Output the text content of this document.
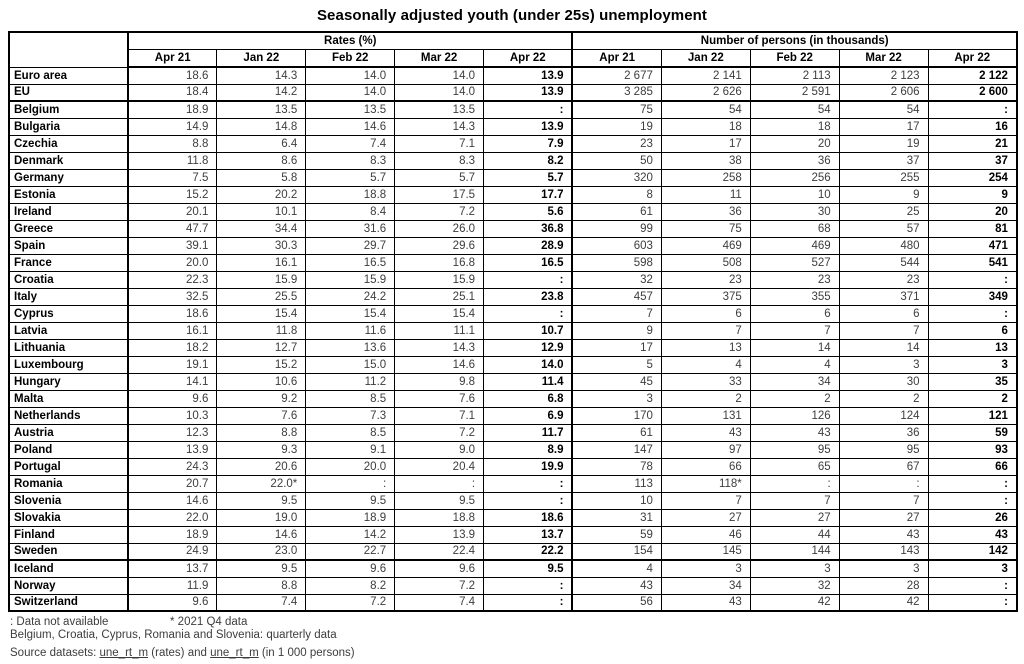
Seasonally adjusted youth (under 25s) unemployment
	Rates (%)					Number of persons (in thousands)				
	Apr 21	Jan 22	Feb 22	Mar 22	Apr 22	Apr 21	Jan 22	Feb 22	Mar 22	Apr 22
Euro area	18.6	14.3	14.0	14.0	13.9	2 677	2 141	2 113	2 123	2 122
EU	18.4	14.2	14.0	14.0	13.9	3 285	2 626	2 591	2 606	2 600
Belgium	18.9	13.5	13.5	13.5	:	75	54	54	54	:
Bulgaria	14.9	14.8	14.6	14.3	13.9	19	18	18	17	16
Czechia	8.8	6.4	7.4	7.1	7.9	23	17	20	19	21
Denmark	11.8	8.6	8.3	8.3	8.2	50	38	36	37	37
Germany	7.5	5.8	5.7	5.7	5.7	320	258	256	255	254
Estonia	15.2	20.2	18.8	17.5	17.7	8	11	10	9	9
Ireland	20.1	10.1	8.4	7.2	5.6	61	36	30	25	20
Greece	47.7	34.4	31.6	26.0	36.8	99	75	68	57	81
Spain	39.1	30.3	29.7	29.6	28.9	603	469	469	480	471
France	20.0	16.1	16.5	16.8	16.5	598	508	527	544	541
Croatia	22.3	15.9	15.9	15.9	:	32	23	23	23	:
Italy	32.5	25.5	24.2	25.1	23.8	457	375	355	371	349
Cyprus	18.6	15.4	15.4	15.4	:	7	6	6	6	:
Latvia	16.1	11.8	11.6	11.1	10.7	9	7	7	7	6
Lithuania	18.2	12.7	13.6	14.3	12.9	17	13	14	14	13
Luxembourg	19.1	15.2	15.0	14.6	14.0	5	4	4	3	3
Hungary	14.1	10.6	11.2	9.8	11.4	45	33	34	30	35
Malta	9.6	9.2	8.5	7.6	6.8	3	2	2	2	2
Netherlands	10.3	7.6	7.3	7.1	6.9	170	131	126	124	121
Austria	12.3	8.8	8.5	7.2	11.7	61	43	43	36	59
Poland	13.9	9.3	9.1	9.0	8.9	147	97	95	95	93
Portugal	24.3	20.6	20.0	20.4	19.9	78	66	65	67	66
Romania	20.7	22.0*	:	:	:	113	118*	:	:	:
Slovenia	14.6	9.5	9.5	9.5	:	10	7	7	7	:
Slovakia	22.0	19.0	18.9	18.8	18.6	31	27	27	27	26
Finland	18.9	14.6	14.2	13.9	13.7	59	46	44	43	43
Sweden	24.9	23.0	22.7	22.4	22.2	154	145	144	143	142
Iceland	13.7	9.5	9.6	9.6	9.5	4	3	3	3	3
Norway	11.9	8.8	8.2	7.2	:	43	34	32	28	:
Switzerland	9.6	7.4	7.2	7.4	:	56	43	42	42	:
: Data not available	* 2021 Q4 data
Belgium, Croatia, Cyprus, Romania and Slovenia: quarterly data
Source datasets: une_rt_m (rates) and une_rt_m (in 1 000 persons)
